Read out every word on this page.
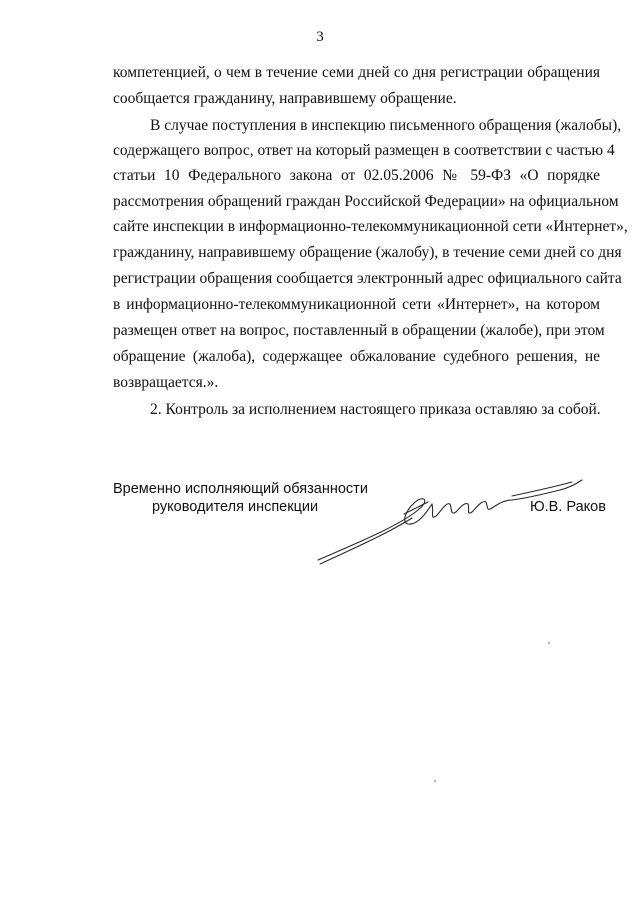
3
компетенцией, о чем в течение семи дней со дня регистрации обращения
сообщается гражданину, направившему обращение.
В случае поступления в инспекцию письменного обращения (жалобы),
содержащего вопрос, ответ на который размещен в соответствии с частью 4
статьи 10 Федерального закона от 02.05.2006 № 59-ФЗ «О порядке
рассмотрения обращений граждан Российской Федерации» на официальном
сайте инспекции в информационно-телекоммуникационной сети «Интернет»,
гражданину, направившему обращение (жалобу), в течение семи дней со дня
регистрации обращения сообщается электронный адрес официального сайта
в информационно-телекоммуникационной сети «Интернет», на котором
размещен ответ на вопрос, поставленный в обращении (жалобе), при этом
обращение (жалоба), содержащее обжалование судебного решения, не
возвращается.».
2. Контроль за исполнением настоящего приказа оставляю за собой.
Временно исполняющий обязанности
руководителя инспекции	Ю.В. Раков
